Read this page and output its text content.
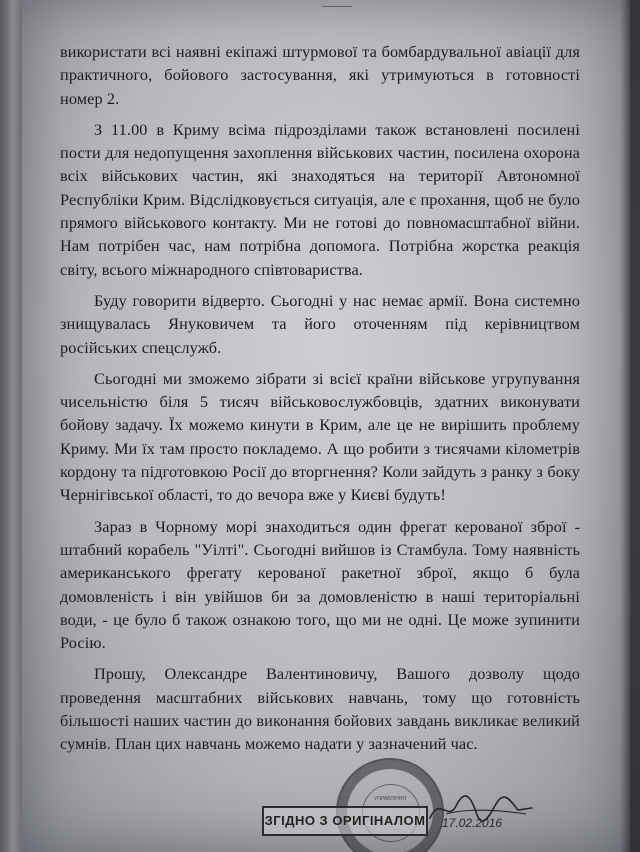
використати всі наявні екіпажі штурмової та бомбардувальної авіації для практичного, бойового застосування, які утримуються в готовності номер 2.

З 11.00 в Криму всіма підрозділами також встановлені посилені пости для недопущення захоплення військових частин, посилена охорона всіх військових частин, які знаходяться на території Автономної Республіки Крим. Відслідковується ситуація, але є прохання, щоб не було прямого військового контакту. Ми не готові до повномасштабної війни. Нам потрібен час, нам потрібна допомога. Потрібна жорстка реакція світу, всього міжнародного співтовариства.

Буду говорити відверто. Сьогодні у нас немає армії. Вона системно знищувалась Януковичем та його оточенням під керівництвом російських спецслужб.

Сьогодні ми зможемо зібрати зі всієї країни військове угрупування чисельністю біля 5 тисяч військовослужбовців, здатних виконувати бойову задачу. Їх можемо кинути в Крим, але це не вирішить проблему Криму. Ми їх там просто покладемо. А що робити з тисячами кілометрів кордону та підготовкою Росії до вторгнення? Коли зайдуть з ранку з боку Чернігівської області, то до вечора вже у Києві будуть!

Зараз в Чорному морі знаходиться один фрегат керованої зброї - штабний корабель "Уілті". Сьогодні вийшов із Стамбула. Тому наявність американського фрегату керованої ракетної зброї, якщо б була домовленість і він увійшов би за домовленістю в наші територіальні води, - це було б також ознакою того, що ми не одні. Це може зупинити Росію.

Прошу, Олександре Валентиновичу, Вашого дозволу щодо проведення масштабних військових навчань, тому що готовність більшості наших частин до виконання бойових завдань викликає великий сумнів. План цих навчань можемо надати у зазначений час.

УПРАВЛІННЯ
ЗГІДНО З ОРИГІНАЛОМ 17.02.2016
